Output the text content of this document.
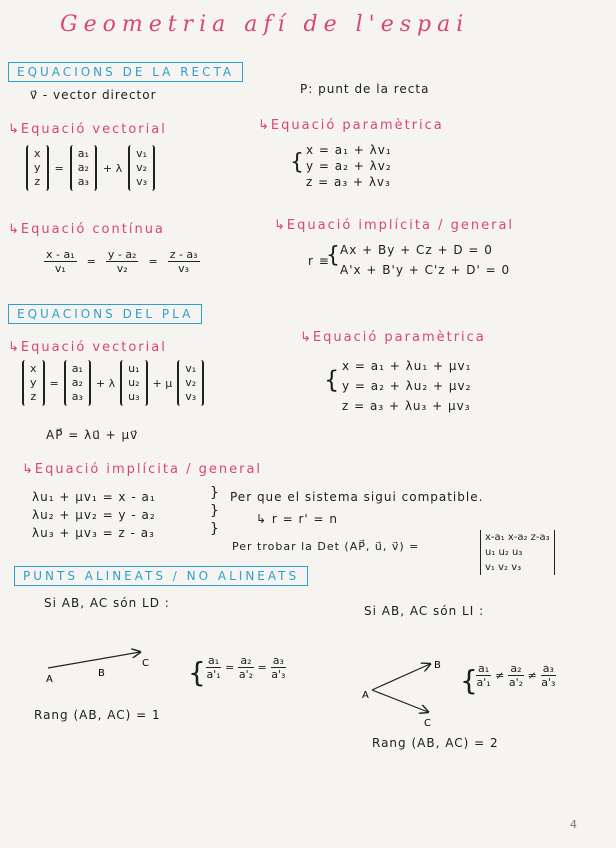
Geometria afí de l'espai
EQUACIONS DE LA RECTA
v⃗ - vector director	P: punt de la recta
↳Equació vectorial
x
y
z
=
a₁
a₂
a₃
+ λ
v₁
v₂
v₃
↳Equació paramètrica
{ x = a₁ + λv₁
y = a₂ + λv₂
z = a₃ + λv₃
↳Equació contínua
$\frac{\text{x - a₁}}{\text{v₁}} = \frac{\text{y - a₂}}{\text{v₂}} = \frac{\text{z - a₃}}{\text{v₃}}$
↳Equació implícita / general
r ≡
{ Ax + By + Cz + D = 0
A'x + B'y + C'z + D' = 0
EQUACIONS DEL PLA
↳Equació vectorial
x
y
z
=
a₁
a₂
a₃
+ λ
u₁
u₂
u₃
+ μ
v₁
v₂
v₃
AP⃗ = λu⃗ + μv⃗
↳Equació paramètrica
{ x = a₁ + λu₁ + μv₁
y = a₂ + λu₂ + μv₂
z = a₃ + λu₃ + μv₃
↳Equació implícita / general
λu₁ + μv₁ = x - a₁
λu₂ + μv₂ = y - a₂
λu₃ + μv₃ = z - a₃
}
}
}
Per que el sistema sigui compatible.
↳ r = r' = n
Per trobar la Det (AP⃗, u⃗, v⃗) =
x-a₁ x-a₂ z-a₃
u₁ u₂ u₃
v₁ v₂ v₃
PUNTS ALINEATS / NO ALINEATS
Si AB, AC són LD :
Si AB, AC són LI :
A
B
C
A
B
C
{ $\frac{\text{a₁}}{\text{a'₁}} = \frac{\text{a₂}}{\text{a'₂}} = \frac{\text{a₃}}{\text{a'₃}}$
Rang (AB, AC) = 1
{
$\frac{\text{a₁}}{\text{a'₁}} \ne \frac{\text{a₂}}{\text{a'₂}} \ne \frac{\text{a₃}}{\text{a'₃}}$
Rang (AB, AC) = 2
4
